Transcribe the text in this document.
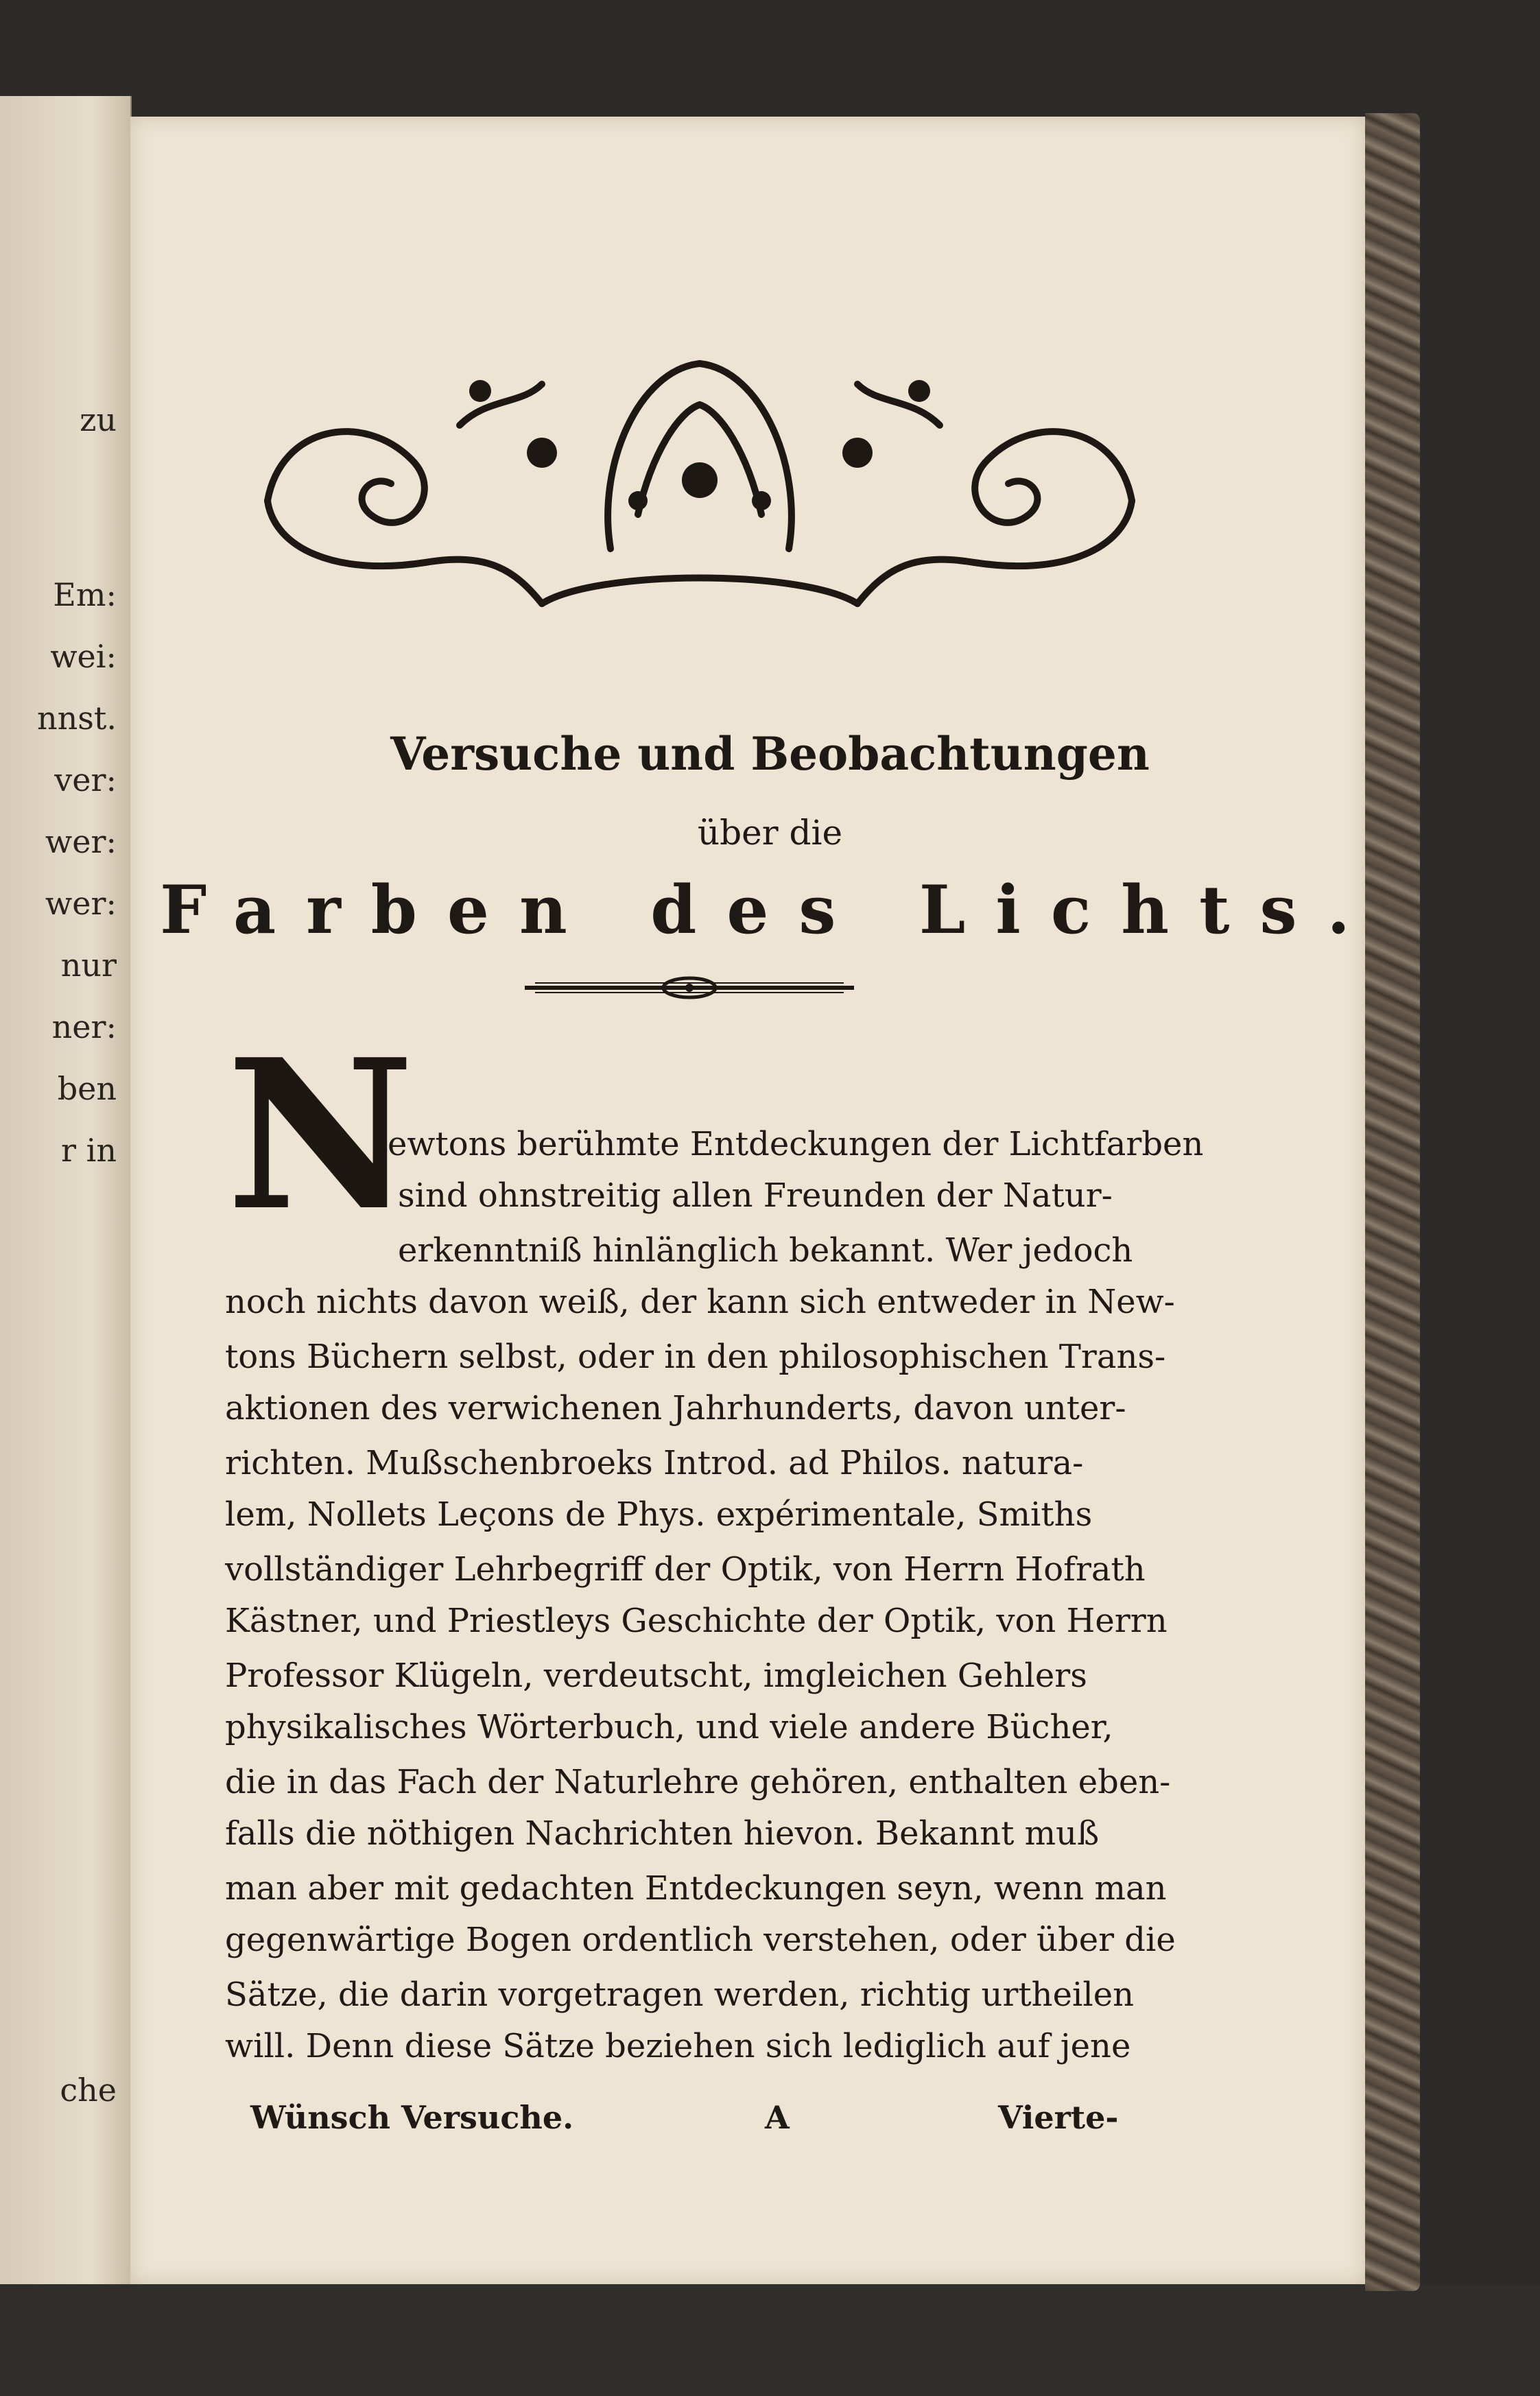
zu
Em:
wei:
nnst.
ver:
wer:
wer:
nur
ner:
ben
r in
che
Versuche und Beobachtungen
über die
Farben des Lichts.
N
ewtons berühmte Entdeckungen der Lichtfarben
sind ohnstreitig allen Freunden der Natur-
erkenntniß hinlänglich bekannt. Wer jedoch
noch nichts davon weiß, der kann sich entweder in New-
tons Büchern selbst, oder in den philosophischen Trans-
aktionen des verwichenen Jahrhunderts, davon unter-
richten. Mußschenbroeks Introd. ad Philos. natura-
lem, Nollets Leçons de Phys. expérimentale, Smiths
vollständiger Lehrbegriff der Optik, von Herrn Hofrath
Kästner, und Priestleys Geschichte der Optik, von Herrn
Professor Klügeln, verdeutscht, imgleichen Gehlers
physikalisches Wörterbuch, und viele andere Bücher,
die in das Fach der Naturlehre gehören, enthalten eben-
falls die nöthigen Nachrichten hievon. Bekannt muß
man aber mit gedachten Entdeckungen seyn, wenn man
gegenwärtige Bogen ordentlich verstehen, oder über die
Sätze, die darin vorgetragen werden, richtig urtheilen
will. Denn diese Sätze beziehen sich lediglich auf jene
Wünsch Versuche.	A	Vierte-
